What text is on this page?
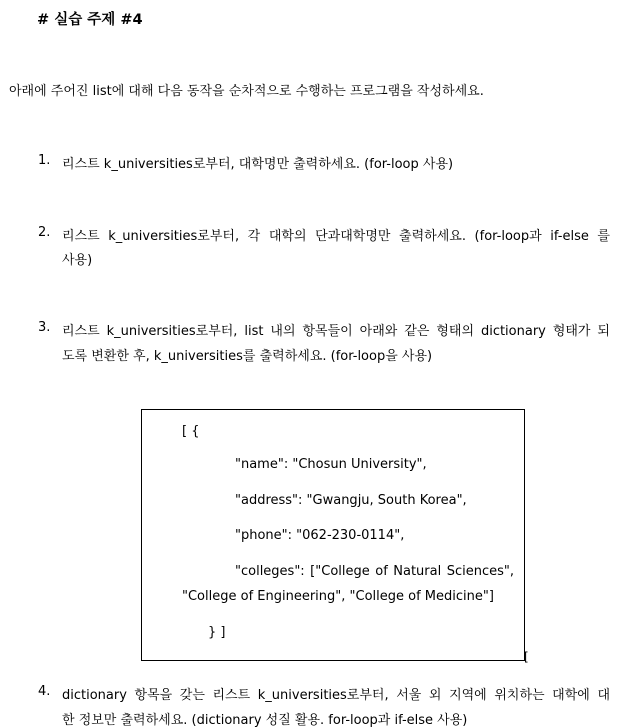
# 실습 주제 #4
아래에 주어진 list에 대해 다음 동작을 순차적으로 수행하는 프로그램을 작성하세요.
1. 리스트 k_universities로부터, 대학명만 출력하세요. (for-loop 사용)
2. 리스트 k_universities로부터, 각 대학의 단과대학명만 출력하세요. (for-loop과 if-else 를
사용)
3. 리스트 k_universities로부터, list 내의 항목들이 아래와 같은 형태의 dictionary 형태가 되
도록 변환한 후, k_universities를 출력하세요. (for-loop을 사용)
[ {
"name": "Chosun University",
"address": "Gwangju, South Korea",
"phone": "062-230-0114",
"colleges": ["College of Natural Sciences",
"College of Engineering", "College of Medicine"]
} ]
[
4. dictionary 항목을 갖는 리스트 k_universities로부터, 서울 외 지역에 위치하는 대학에 대
한 정보만 출력하세요. (dictionary 성질 활용. for-loop과 if-else 사용)
